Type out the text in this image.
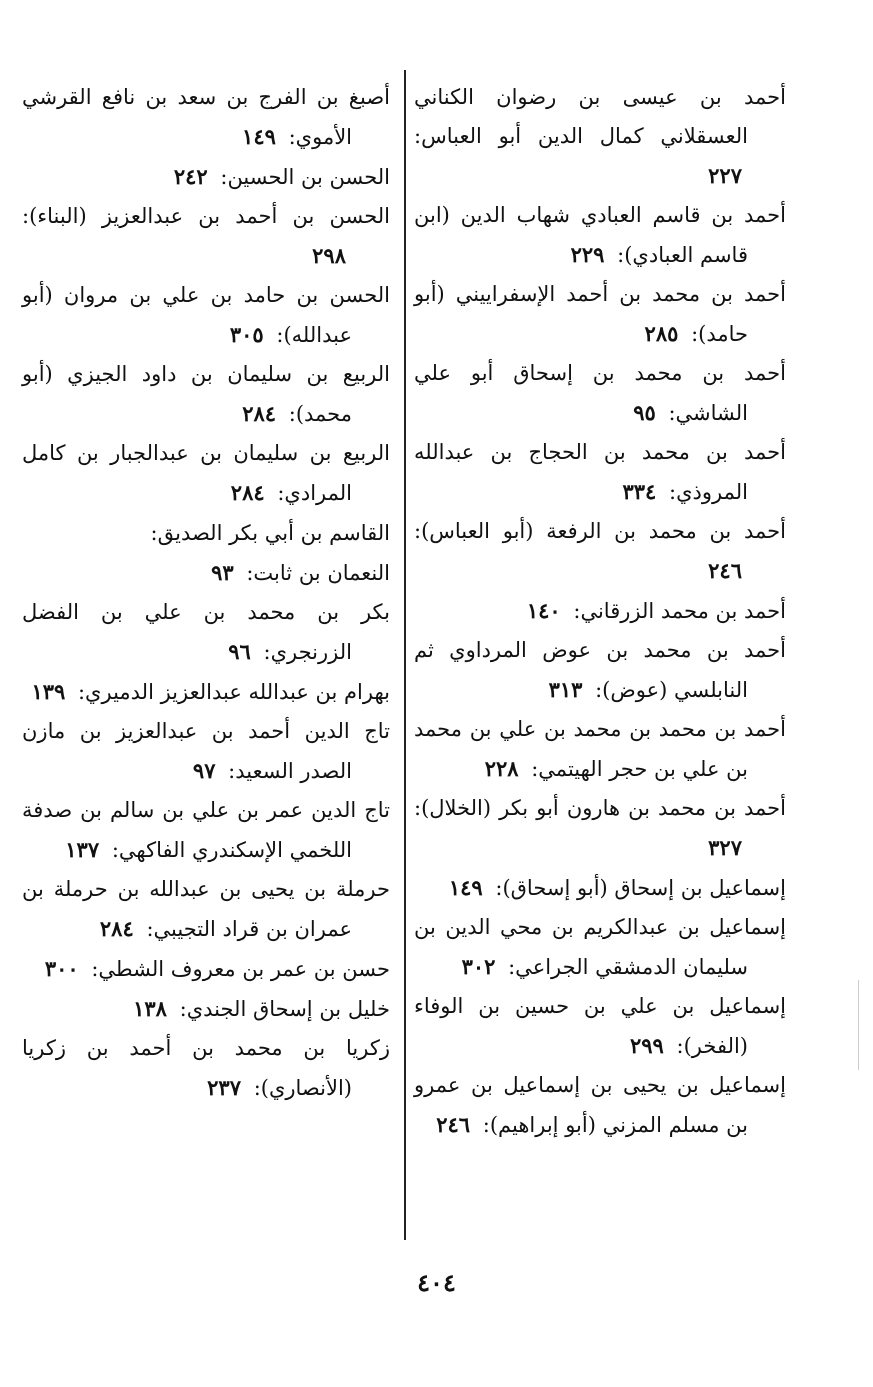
أحمد بن عيسى بن رضوان الكناني العسقلاني كمال الدين أبو العباس: ٢٢٧

أحمد بن قاسم العبادي شهاب الدين (ابن قاسم العبادي): ٢٢٩

أحمد بن محمد بن أحمد الإسفراييني (أبو حامد): ٢٨٥

أحمد بن محمد بن إسحاق أبو علي الشاشي: ٩٥

أحمد بن محمد بن الحجاج بن عبدالله المروذي: ٣٣٤

أحمد بن محمد بن الرفعة (أبو العباس): ٢٤٦

أحمد بن محمد الزرقاني: ١٤٠

أحمد بن محمد بن عوض المرداوي ثم النابلسي (عوض): ٣١٣

أحمد بن محمد بن محمد بن علي بن محمد بن علي بن حجر الهيتمي: ٢٢٨

أحمد بن محمد بن هارون أبو بكر (الخلال): ٣٢٧

إسماعيل بن إسحاق (أبو إسحاق): ١٤٩

إسماعيل بن عبدالكريم بن محي الدين بن سليمان الدمشقي الجراعي: ٣٠٢

إسماعيل بن علي بن حسين بن الوفاء (الفخر): ٢٩٩

إسماعيل بن يحيى بن إسماعيل بن عمرو بن مسلم المزني (أبو إبراهيم): ٢٤٦

أصبغ بن الفرج بن سعد بن نافع القرشي الأموي: ١٤٩

الحسن بن الحسين: ٢٤٢

الحسن بن أحمد بن عبدالعزيز (البناء): ٢٩٨

الحسن بن حامد بن علي بن مروان (أبو عبدالله): ٣٠٥

الربيع بن سليمان بن داود الجيزي (أبو محمد): ٢٨٤

الربيع بن سليمان بن عبدالجبار بن كامل المرادي: ٢٨٤

القاسم بن أبي بكر الصديق:

النعمان بن ثابت: ٩٣

بكر بن محمد بن علي بن الفضل الزرنجري: ٩٦

بهرام بن عبدالله عبدالعزيز الدميري: ١٣٩

تاج الدين أحمد بن عبدالعزيز بن مازن الصدر السعيد: ٩٧

تاج الدين عمر بن علي بن سالم بن صدفة اللخمي الإسكندري الفاكهي: ١٣٧

حرملة بن يحيى بن عبدالله بن حرملة بن عمران بن قراد التجيبي: ٢٨٤

حسن بن عمر بن معروف الشطي: ٣٠٠

خليل بن إسحاق الجندي: ١٣٨

زكريا بن محمد بن أحمد بن زكريا (الأنصاري): ٢٣٧

٤٠٤
